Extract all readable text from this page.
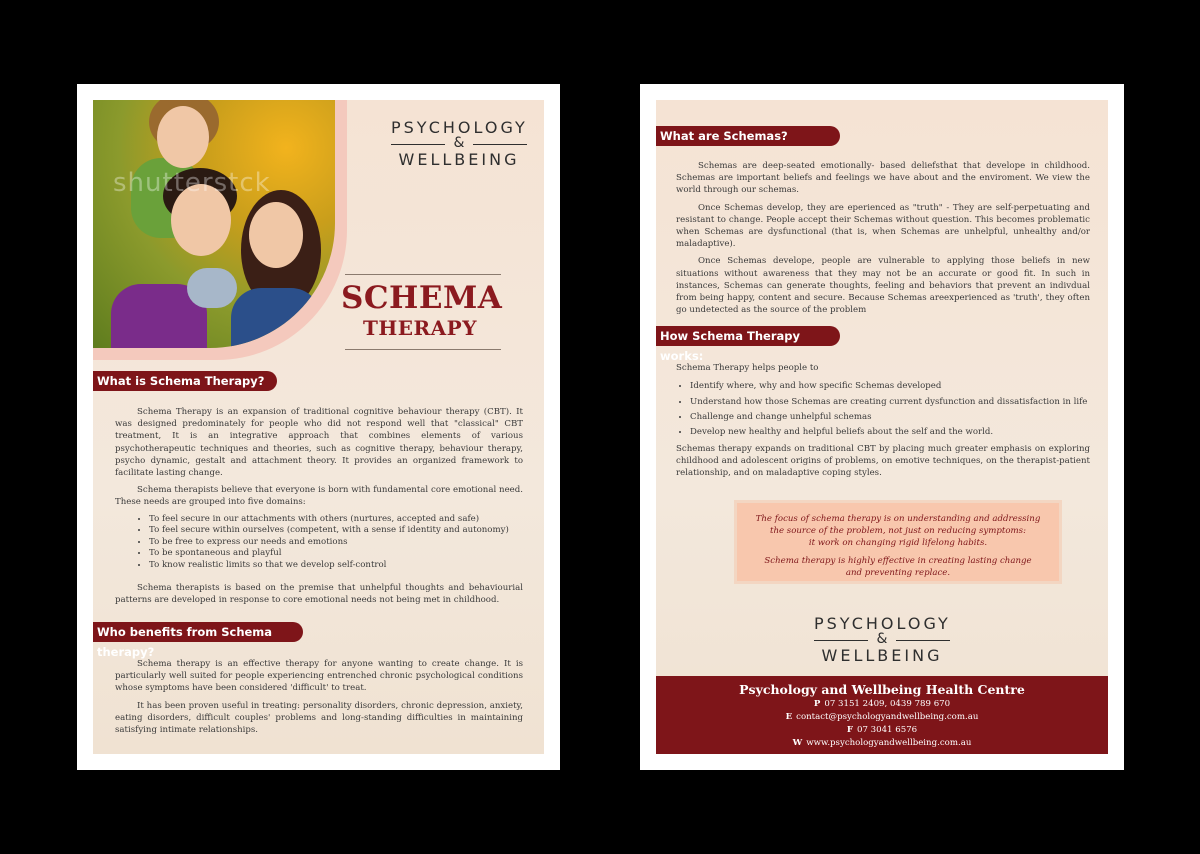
shutterstck
PSYCHOLOGY
&
WELLBEING
SCHEMA
THERAPY
What is Schema Therapy?

Schema Therapy is an expansion of traditional cognitive behaviour therapy (CBT). It was designed predominately for people who did not respond well that "classical" CBT treatment, It is an integrative approach that combines elements of various psychotherapeutic techniques and theories, such as cognitive therapy, behaviour therapy, psycho dynamic, gestalt and attachment theory. It provides an organized framework to facilitate lasting change.

Schema therapists believe that everyone is born with fundamental core emotional need. These needs are grouped into five domains:

• To feel secure in our attachments with others (nurtures, accepted and safe)
• To feel secure within ourselves (competent, with a sense if identity and autonomy)
• To be free to express our needs and emotions
• To be spontaneous and playful
• To know realistic limits so that we develop self-control

Schema therapists is based on the premise that unhelpful thoughts and behaviourial patterns are developed in response to core emotional needs not being met in childhood.

Who benefits from Schema therapy?

Schema therapy is an effective therapy for anyone wanting to create change. It is particularly well suited for people experiencing entrenched chronic psychological conditions whose symptoms have been considered 'difficult' to treat.

It has been proven useful in treating: personality disorders, chronic depression, anxiety, eating disorders, difficult couples' problems and long-standing difficulties in maintaining satisfying intimate relationships.

What are Schemas?

Schemas are deep-seated emotionally- based deliefsthat that develope in childhood. Schemas are important beliefs and feelings we have about and the enviroment. We view the world through our schemas.

Once Schemas develop, they are eperienced as "truth" - They are self-perpetuating and resistant to change. People accept their Schemas without question. This becomes problematic when Schemas are dysfunctional (that is, when Schemas are unhelpful, unhealthy and/or maladaptive).

Once Schemas develope, people are vulnerable to applying those beliefs in new situations without awareness that they may not be an accurate or good fit. In such in instances, Schemas can generate thoughts, feeling and behaviors that prevent an indivdual from being happy, content and secure. Because Schemas areexperienced as 'truth', they often go undetected as the source of the problem

How Schema Therapy works:

Schema Therapy helps people to

• Identify where, why and how specific Schemas developed
• Understand how those Schemas are creating current dysfunction and dissatisfaction in life
• Challenge and change unhelpful schemas
• Develop new healthy and helpful beliefs about the self and the world.

Schemas therapy expands on traditional CBT by placing much greater emphasis on exploring childhood and adolescent origins of problems, on emotive techniques, on the therapist-patient relationship, and on maladaptive coping styles.

The focus of schema therapy is on understanding and addressing
the source of the problem, not just on reducing symptoms:
it work on changing rigid lifelong habits.

Schema therapy is highly effective in creating lasting change
and preventing replace.

PSYCHOLOGY
&
WELLBEING
Psychology and Wellbeing Health Centre
P 07 3151 2409, 0439 789 670
E contact@psychologyandwellbeing.com.au
F 07 3041 6576
W www.psychologyandwellbeing.com.au
